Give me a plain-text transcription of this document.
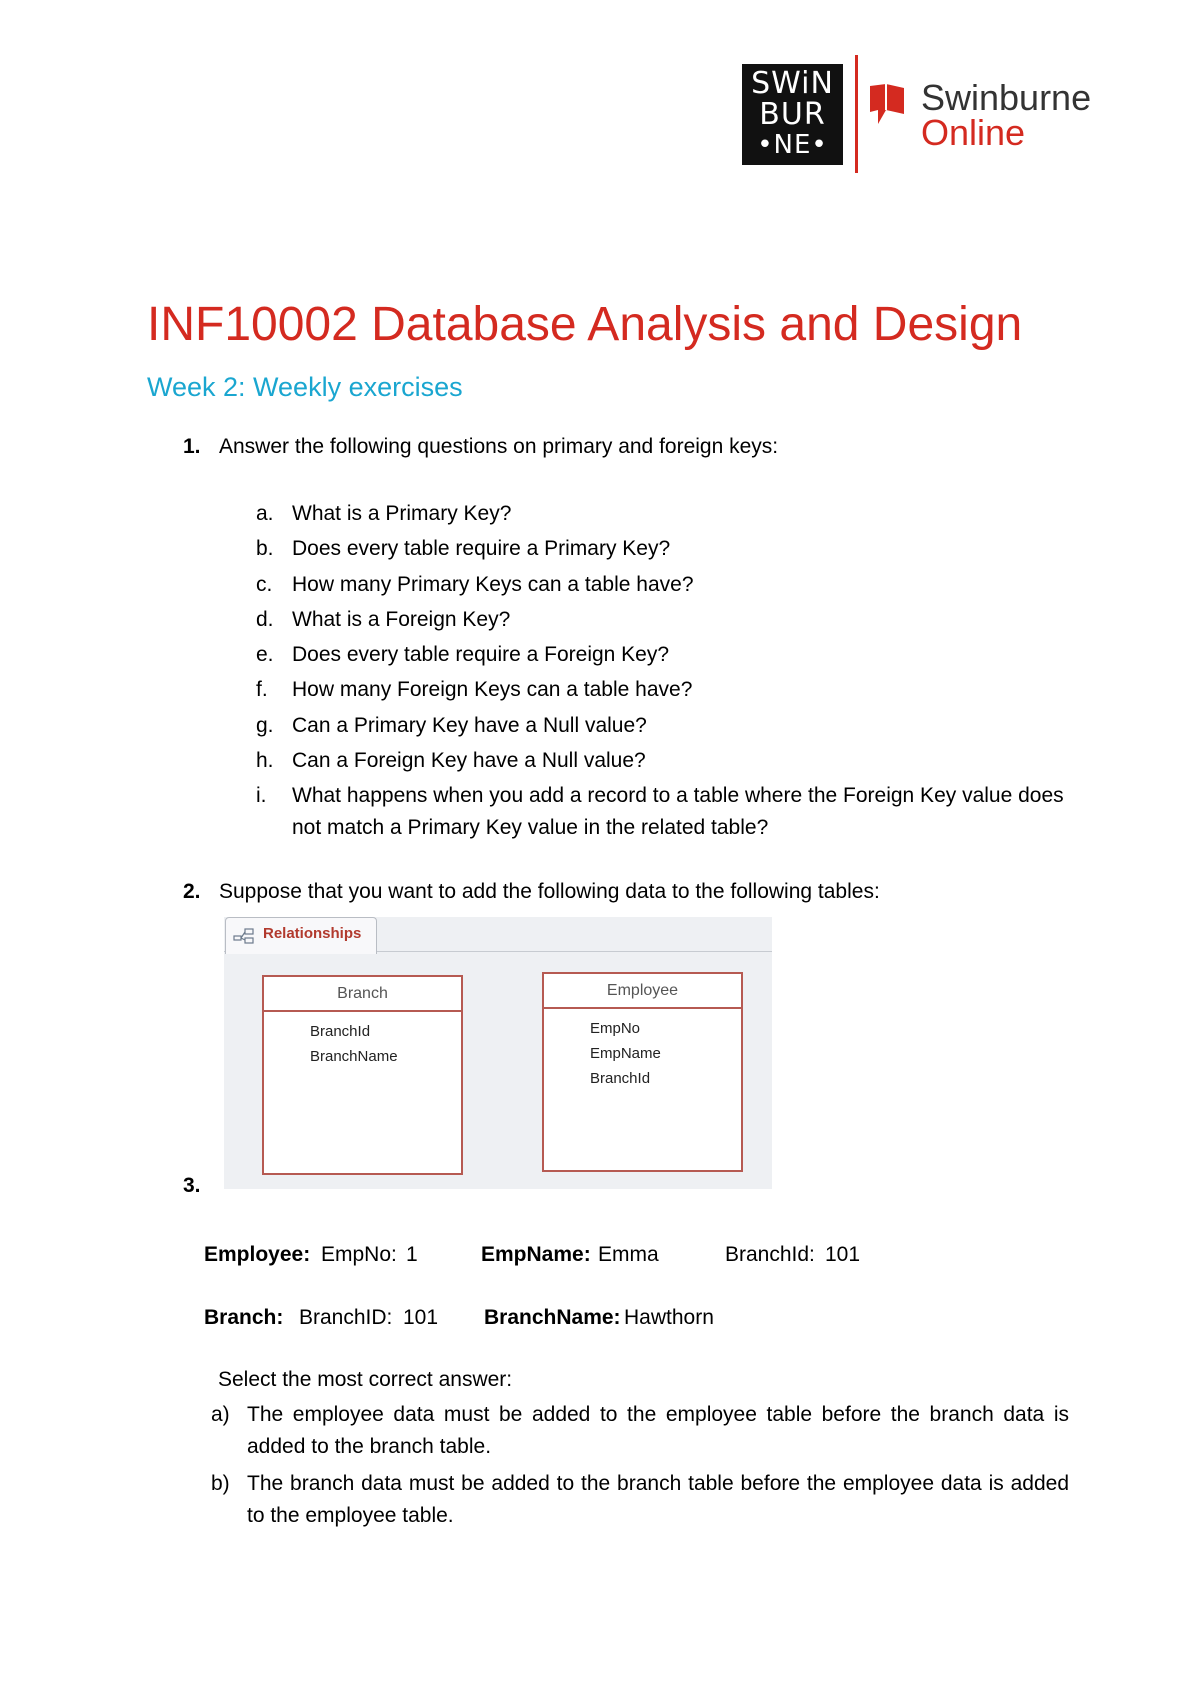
SWiN
BUR
•NE•
Swinburne
Online
INF10002 Database Analysis and Design
Week 2: Weekly exercises
1. Answer the following questions on primary and foreign keys:
a. What is a Primary Key?
b. Does every table require a Primary Key?
c. How many Primary Keys can a table have?
d. What is a Foreign Key?
e. Does every table require a Foreign Key?
f. How many Foreign Keys can a table have?
g. Can a Primary Key have a Null value?
h. Can a Foreign Key have a Null value?
i. What happens when you add a record to a table where the Foreign Key value does not match a Primary Key value in the related table?
2. Suppose that you want to add the following data to the following tables:
Relationships
Branch
BranchId
BranchName
Employee
EmpNo
EmpName
BranchId
3.
Employee: EmpNo: 1	EmpName: Emma	BranchId: 101
Branch: BranchID: 101 BranchName: Hawthorn
Select the most correct answer:
a) The employee data must be added to the employee table before the branch data is added to the branch table.
b) The branch data must be added to the branch table before the employee data is added to the employee table.
